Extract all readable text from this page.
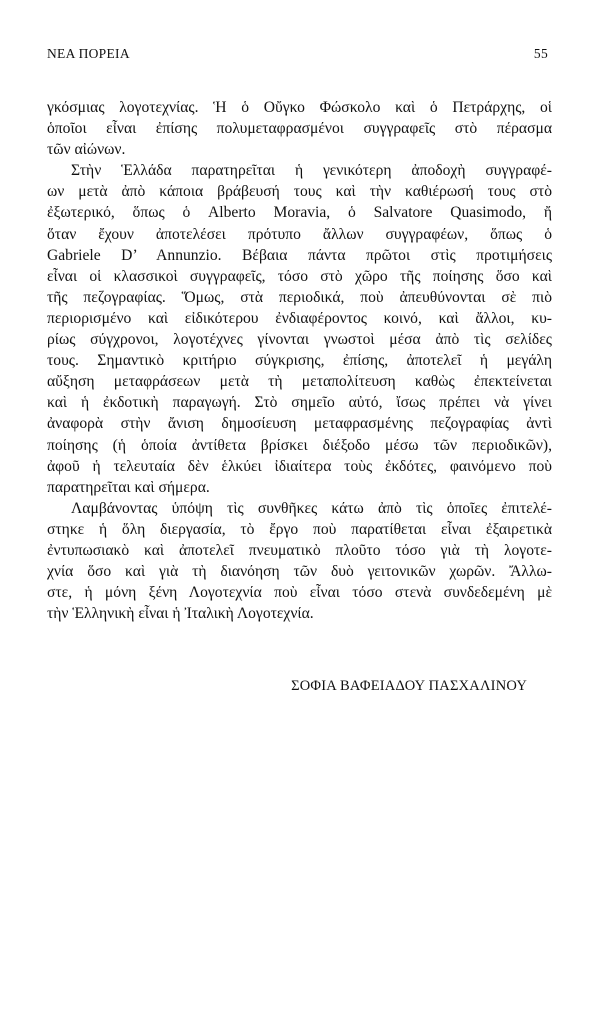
ΝΕΑ ΠΟΡΕΙΑ	55
γκόσμιας λογοτεχνίας. Ἡ ὁ Οὔγκο Φώσκολο καὶ ὁ Πετράρχης, οἱ
ὁποῖοι εἶναι ἐπίσης πολυμεταφρασμένοι συγγραφεῖς στὸ πέρασμα
τῶν αἰώνων.
Στὴν Ἑλλάδα παρατηρεῖται ἡ γενικότερη ἀποδοχὴ συγγραφέ-
ων μετὰ ἀπὸ κάποια βράβευσή τους καὶ τὴν καθιέρωσή τους στὸ
ἐξωτερικό, ὅπως ὁ Alberto Moravia, ὁ Salvatore Quasimodo, ἤ
ὅταν ἔχουν ἀποτελέσει πρότυπο ἄλλων συγγραφέων, ὅπως ὁ
Gabriele D’ Annunzio. Βέβαια πάντα πρῶτοι στὶς προτιμήσεις
εἶναι οἱ κλασσικοὶ συγγραφεῖς, τόσο στὸ χῶρο τῆς ποίησης ὅσο καὶ
τῆς πεζογραφίας. Ὅμως, στὰ περιοδικά, ποὺ ἀπευθύνονται σὲ πιὸ
περιορισμένο καὶ εἰδικότερου ἐνδιαφέροντος κοινό, καὶ ἄλλοι, κυ-
ρίως σύγχρονοι, λογοτέχνες γίνονται γνωστοὶ μέσα ἀπὸ τὶς σελίδες
τους. Σημαντικὸ κριτήριο σύγκρισης, ἐπίσης, ἀποτελεῖ ἡ μεγάλη
αὔξηση μεταφράσεων μετὰ τὴ μεταπολίτευση καθὼς ἐπεκτείνεται
καὶ ἡ ἐκδοτικὴ παραγωγή. Στὸ σημεῖο αὐτό, ἴσως πρέπει νὰ γίνει
ἀναφορὰ στὴν ἄνιση δημοσίευση μεταφρασμένης πεζογραφίας ἀντὶ
ποίησης (ἡ ὁποία ἀντίθετα βρίσκει διέξοδο μέσω τῶν περιοδικῶν),
ἀφοῦ ἡ τελευταία δὲν ἑλκύει ἰδιαίτερα τοὺς ἐκδότες, φαινόμενο ποὺ
παρατηρεῖται καὶ σήμερα.
Λαμβάνοντας ὑπόψη τὶς συνθῆκες κάτω ἀπὸ τὶς ὁποῖες ἐπιτελέ-
στηκε ἡ ὅλη διεργασία, τὸ ἔργο ποὺ παρατίθεται εἶναι ἐξαιρετικὰ
ἐντυπωσιακὸ καὶ ἀποτελεῖ πνευματικὸ πλοῦτο τόσο γιὰ τὴ λογοτε-
χνία ὅσο καὶ γιὰ τὴ διανόηση τῶν δυὸ γειτονικῶν χωρῶν. Ἄλλω-
στε, ἡ μόνη ξένη Λογοτεχνία ποὺ εἶναι τόσο στενὰ συνδεδεμένη μὲ
τὴν Ἑλληνικὴ εἶναι ἡ Ἰταλικὴ Λογοτεχνία.
ΣΟΦΙΑ ΒΑΦΕΙΑΔΟΥ ΠΑΣΧΑΛΙΝΟΥ
